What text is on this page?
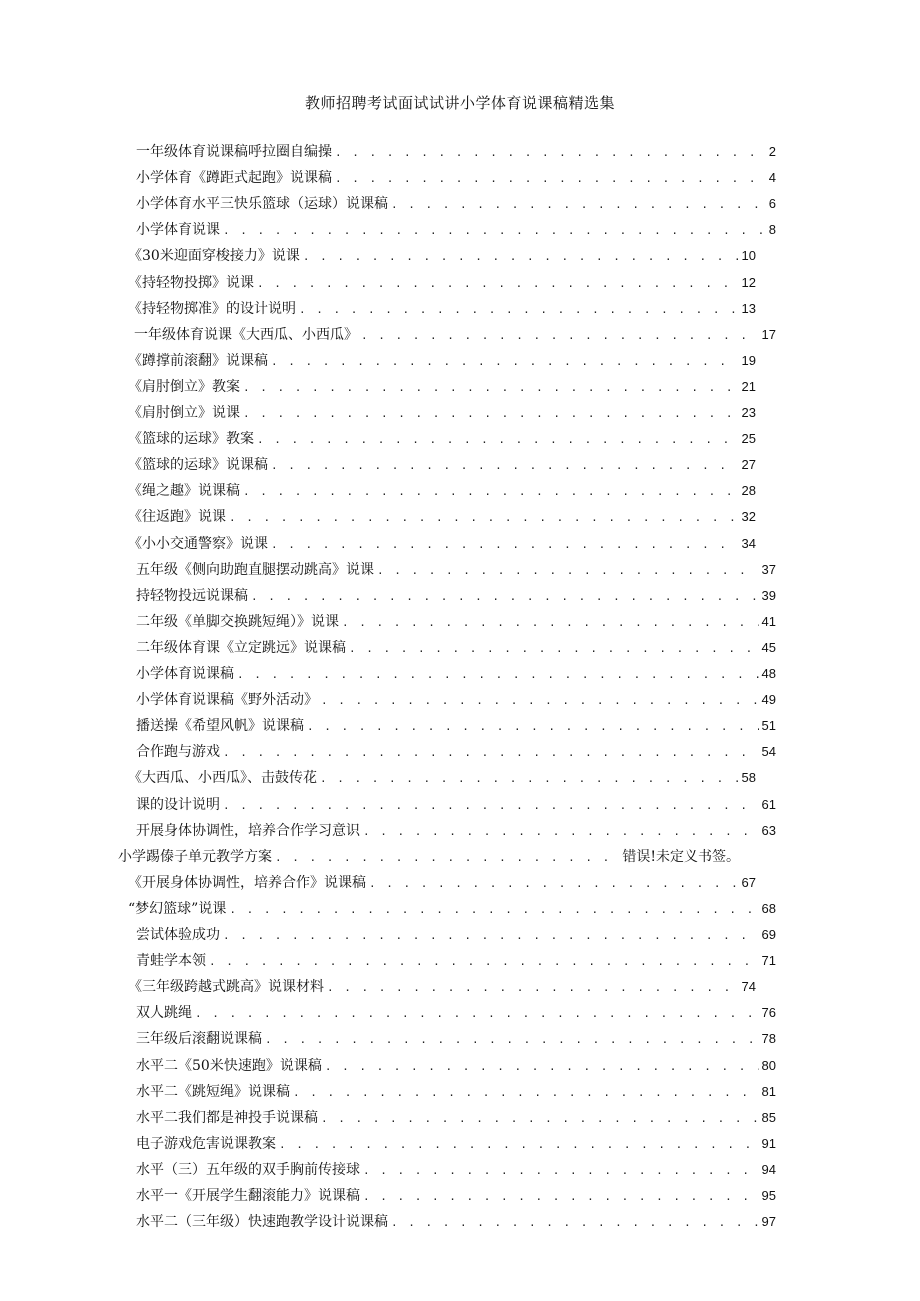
教师招聘考试面试试讲小学体育说课稿精选集
一年级体育说课稿呼拉圈自编操 . . .	2
小学体育《蹲距式起跑》说课稿 . . .	4
小学体育水平三快乐篮球（运球）说课稿 . . .	6
小学体育说课 . . .	8
《30米迎面穿梭接力》说课 . . .	10
《持轻物投掷》说课 . . .	12
《持轻物掷准》的设计说明 . . .	13
一年级体育说课《大西瓜、小西瓜》 . . .	17
《蹲撑前滚翻》说课稿 . . .	19
《肩肘倒立》教案 . . .	21
《肩肘倒立》说课 . . .	23
《篮球的运球》教案 . . .	25
《篮球的运球》说课稿 . . .	27
《绳之趣》说课稿 . . .	28
《往返跑》说课 . . .	32
《小小交通警察》说课 . . .	34
五年级《侧向助跑直腿摆动跳高》说课 . . .	37
持轻物投远说课稿 . . .	39
二年级《单脚交换跳短绳）》说课 . . .	41
二年级体育课《立定跳远》说课稿 . . .	45
小学体育说课稿 . . .	48
小学体育说课稿《野外活动》 . . .	49
播送操《希望风帆》说课稿 . . .	51
合作跑与游戏 . . .	54
《大西瓜、小西瓜》、击鼓传花 . . .	58
课的设计说明 . . .	61
开展身体协调性，培养合作学习意识 . . .	63
小学踢傣子单元教学方案 . . .	错误!未定义书签。
《开展身体协调性，培养合作》说课稿 . . .	67
“梦幻篮球”说课 . . .	68
尝试体验成功 . . .	69
青蛙学本领 . . .	71
《三年级跨越式跳高》说课材料 . . .	74
双人跳绳 . . .	76
三年级后滚翻说课稿 . . .	78
水平二《50米快速跑》说课稿 . . .	80
水平二《跳短绳》说课稿 . . .	81
水平二我们都是神投手说课稿 . . .	85
电子游戏危害说课教案 . . .	91
水平（三）五年级的双手胸前传接球 . . .	94
水平一《开展学生翻滚能力》说课稿 . . .	95
水平二（三年级）快速跑教学设计说课稿 . . .	97
